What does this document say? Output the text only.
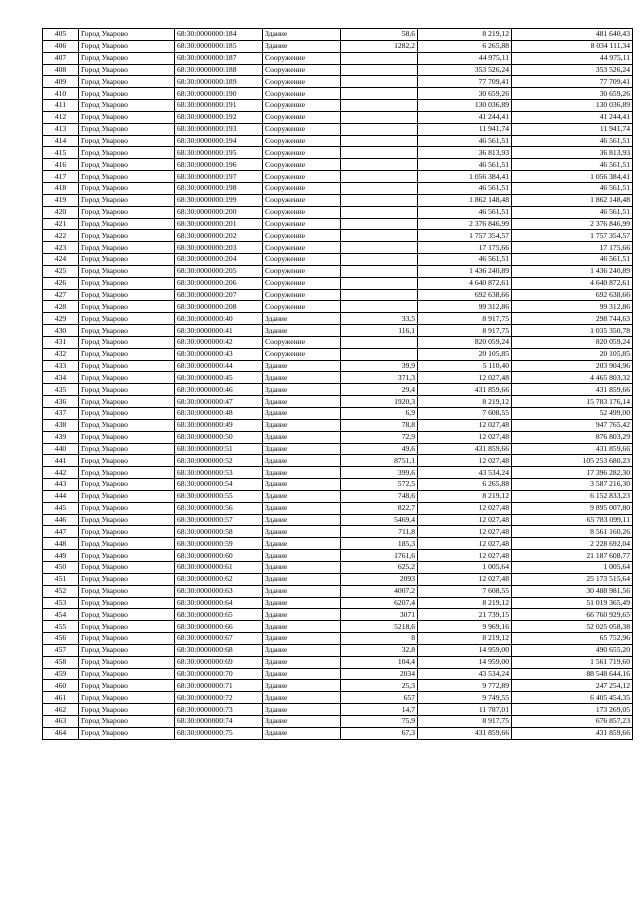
405	Город Уварово	68:30:0000000:184	Здание	58,6	8 219,12	481 640,43
406	Город Уварово	68:30:0000000:185	Здание	1282,2	6 265,88	8 034 111,34
407	Город Уварово	68:30:0000000:187	Сооружение		44 975,11	44 975,11
408	Город Уварово	68:30:0000000:188	Сооружение		353 526,24	353 526,24
409	Город Уварово	68:30:0000000:189	Сооружение		77 709,41	77 709,41
410	Город Уварово	68:30:0000000:190	Сооружение		30 659,26	30 659,26
411	Город Уварово	68:30:0000000:191	Сооружение		130 036,89	130 036,89
412	Город Уварово	68:30:0000000:192	Сооружение		41 244,41	41 244,41
413	Город Уварово	68:30:0000000:193	Сооружение		11 941,74	11 941,74
414	Город Уварово	68:30:0000000:194	Сооружение		46 561,51	46 561,51
415	Город Уварово	68:30:0000000:195	Сооружение		36 813,93	36 813,93
416	Город Уварово	68:30:0000000:196	Сооружение		46 561,51	46 561,51
417	Город Уварово	68:30:0000000:197	Сооружение		1 056 384,41	1 056 384,41
418	Город Уварово	68:30:0000000:198	Сооружение		46 561,51	46 561,51
419	Город Уварово	68:30:0000000:199	Сооружение		1 862 148,48	1 862 148,48
420	Город Уварово	68:30:0000000:200	Сооружение		46 561,51	46 561,51
421	Город Уварово	68:30:0000000:201	Сооружение		2 376 846,99	2 376 846,99
422	Город Уварово	68:30:0000000:202	Сооружение		1 757 354,57	1 757 354,57
423	Город Уварово	68:30:0000000:203	Сооружение		17 175,66	17 175,66
424	Город Уварово	68:30:0000000:204	Сооружение		46 561,51	46 561,51
425	Город Уварово	68:30:0000000:205	Сооружение		1 436 240,89	1 436 240,89
426	Город Уварово	68:30:0000000:206	Сооружение		4 640 872,61	4 640 872,61
427	Город Уварово	68:30:0000000:207	Сооружение		692 638,66	692 638,66
428	Город Уварово	68:30:0000000:208	Сооружение		99 312,86	99 312,86
429	Город Уварово	68:30:0000000:40	Здание	33,5	8 917,75	298 744,63
430	Город Уварово	68:30:0000000:41	Здание	116,1	8 917,75	1 035 350,78
431	Город Уварово	68:30:0000000:42	Сооружение		820 059,24	820 059,24
432	Город Уварово	68:30:0000000:43	Сооружение		20 105,85	20 105,85
433	Город Уварово	68:30:0000000:44	Здание	39,9	5 110,40	203 904,96
434	Город Уварово	68:30:0000000:45	Здание	371,3	12 027,48	4 465 803,32
435	Город Уварово	68:30:0000000:46	Здание	29,4	431 859,66	431 859,66
436	Город Уварово	68:30:0000000:47	Здание	1920,3	8 219,12	15 783 176,14
437	Город Уварово	68:30:0000000:48	Здание	6,9	7 608,55	52 499,00
438	Город Уварово	68:30:0000000:49	Здание	78,8	12 027,48	947 765,42
439	Город Уварово	68:30:0000000:50	Здание	72,9	12 027,48	876 803,29
440	Город Уварово	68:30:0000000:51	Здание	49,6	431 859,66	431 859,66
441	Город Уварово	68:30:0000000:52	Здание	8751,1	12 027,48	105 253 680,23
442	Город Уварово	68:30:0000000:53	Здание	399,6	43 534,24	17 396 282,30
443	Город Уварово	68:30:0000000:54	Здание	572,5	6 265,88	3 587 216,30
444	Город Уварово	68:30:0000000:55	Здание	748,6	8 219,12	6 152 833,23
445	Город Уварово	68:30:0000000:56	Здание	822,7	12 027,48	9 895 007,80
446	Город Уварово	68:30:0000000:57	Здание	5469,4	12 027,48	65 783 099,11
447	Город Уварово	68:30:0000000:58	Здание	711,8	12 027,48	8 561 160,26
448	Город Уварово	68:30:0000000:59	Здание	185,3	12 027,48	2 228 692,04
449	Город Уварово	68:30:0000000:60	Здание	1761,6	12 027,48	21 187 608,77
450	Город Уварово	68:30:0000000:61	Здание	625,2	1 005,64	1 005,64
451	Город Уварово	68:30:0000000:62	Здание	2093	12 027,48	25 173 515,64
452	Город Уварово	68:30:0000000:63	Здание	4007,2	7 608,55	30 488 981,56
453	Город Уварово	68:30:0000000:64	Здание	6207,4	8 219,12	51 019 365,49
454	Город Уварово	68:30:0000000:65	Здание	3071	21 739,15	66 760 929,65
455	Город Уварово	68:30:0000000:66	Здание	5218,6	9 969,16	52 025 058,38
456	Город Уварово	68:30:0000000:67	Здание	8	8 219,12	65 752,96
457	Город Уварово	68:30:0000000:68	Здание	32,8	14 959,00	490 655,20
458	Город Уварово	68:30:0000000:69	Здание	104,4	14 959,00	1 561 719,60
459	Город Уварово	68:30:0000000:70	Здание	2034	43 534,24	88 548 644,16
460	Город Уварово	68:30:0000000:71	Здание	25,3	9 772,89	247 254,12
461	Город Уварово	68:30:0000000:72	Здание	657	9 749,55	6 405 454,35
462	Город Уварово	68:30:0000000:73	Здание	14,7	11 787,01	173 269,05
463	Город Уварово	68:30:0000000:74	Здание	75,9	8 917,75	676 857,23
464	Город Уварово	68:30:0000000:75	Здание	67,3	431 859,66	431 859,66
